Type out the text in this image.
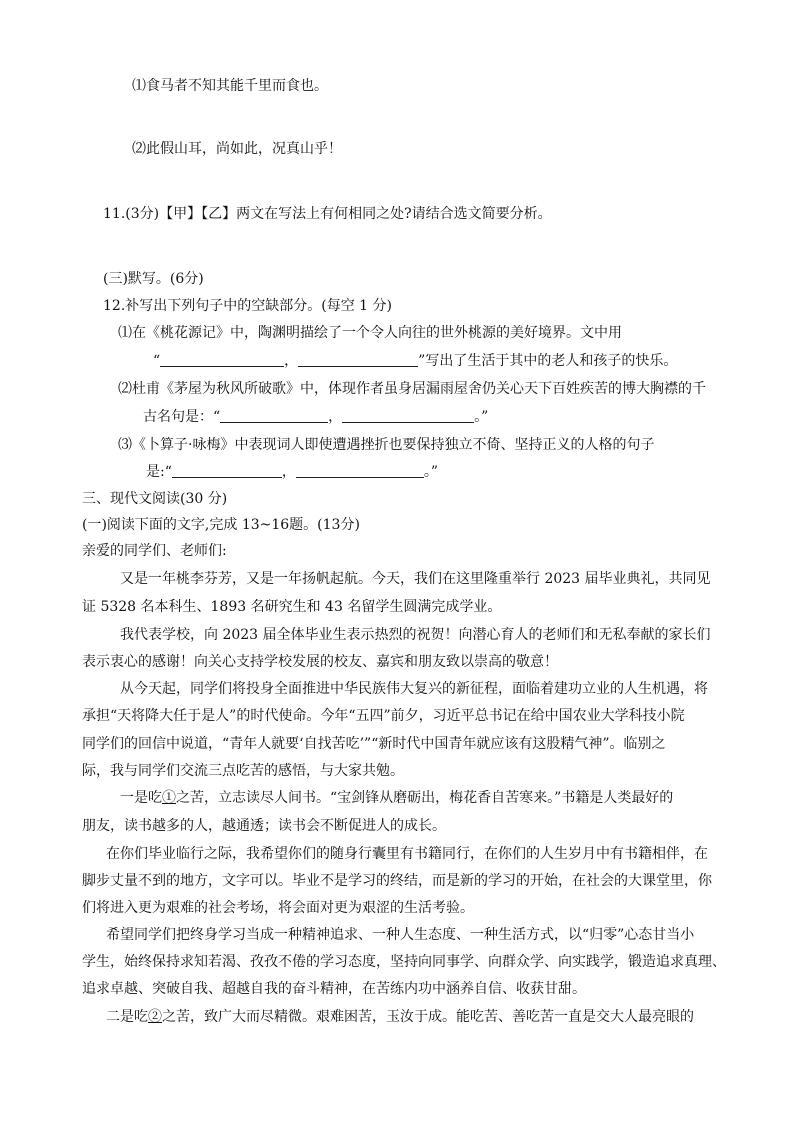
⑴食马者不知其能千里而食也。
⑵此假山耳，尚如此，况真山乎！
11.(3分)【甲】【乙】两文在写法上有何相同之处?请结合选文简要分析。
(三)默写。(6分)
12.补写出下列句子中的空缺部分。(每空 1 分)
⑴在《桃花源记》中，陶渊明描绘了一个令人向往的世外桃源的美好境界。文中用
“	，	”写出了生活于其中的老人和孩子的快乐。
⑵杜甫《茅屋为秋风所破歌》中，体现作者虽身居漏雨屋舍仍关心天下百姓疾苦的博大胸襟的千
古名句是：“	，	。”
⑶《卜算子·咏梅》中表现词人即使遭遇挫折也要保持独立不倚、坚持正义的人格的句子
是:“	，	。”
三、现代文阅读(30 分)
(一)阅读下面的文字,完成 13~16题。(13分)
亲爱的同学们、老师们:
又是一年桃李芬芳，又是一年扬帆起航。今天，我们在这里隆重举行 2023 届毕业典礼，共同见
证 5328 名本科生、1893 名研究生和 43 名留学生圆满完成学业。
我代表学校，向 2023 届全体毕业生表示热烈的祝贺！向潜心育人的老师们和无私奉献的家长们
表示衷心的感谢！向关心支持学校发展的校友、嘉宾和朋友致以崇高的敬意！
从今天起，同学们将投身全面推进中华民族伟大复兴的新征程，面临着建功立业的人生机遇，将
承担“天将降大任于是人”的时代使命。今年“五四”前夕，习近平总书记在给中国农业大学科技小院
同学们的回信中说道，“青年人就要‘自找苦吃’”“新时代中国青年就应该有这股精气神”。临别之
际，我与同学们交流三点吃苦的感悟，与大家共勉。
一是吃①之苦，立志读尽人间书。“宝剑锋从磨砺出，梅花香自苦寒来。”书籍是人类最好的
朋友，读书越多的人，越通透；读书会不断促进人的成长。
在你们毕业临行之际，我希望你们的随身行囊里有书籍同行，在你们的人生岁月中有书籍相伴，在
脚步丈量不到的地方，文字可以。毕业不是学习的终结，而是新的学习的开始，在社会的大课堂里，你
们将进入更为艰难的社会考场，将会面对更为艰涩的生活考验。
希望同学们把终身学习当成一种精神追求、一种人生态度、一种生活方式，以“归零”心态甘当小
学生，始终保持求知若渴、孜孜不倦的学习态度，坚持向同事学、向群众学、向实践学，锻造追求真理、
追求卓越、突破自我、超越自我的奋斗精神，在苦练内功中涵养自信、收获甘甜。
二是吃②之苦，致广大而尽精微。艰难困苦，玉汝于成。能吃苦、善吃苦一直是交大人最亮眼的
